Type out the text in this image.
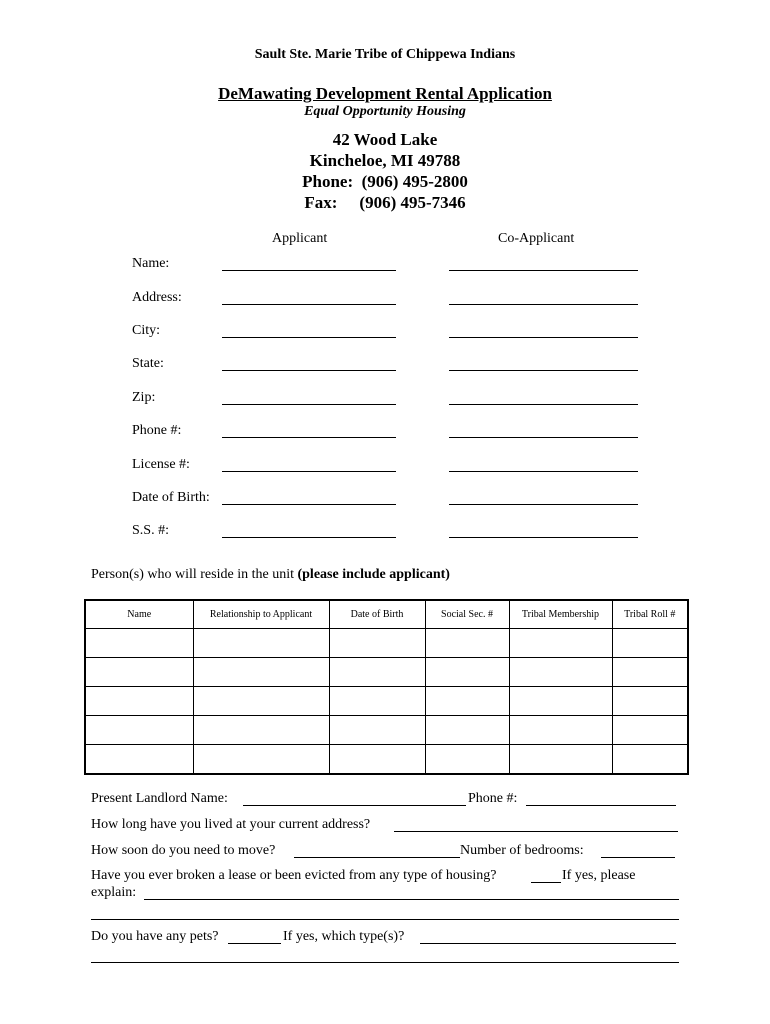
Sault Ste. Marie Tribe of Chippewa Indians
DeMawating Development Rental Application
Equal Opportunity Housing
42 Wood Lake
Kincheloe, MI 49788
Phone: (906) 495-2800
Fax: (906) 495-7346
Applicant	Co-Applicant
Name:
Address:
City:
State:
Zip:
Phone #:
License #:
Date of Birth:
S.S. #:
Person(s) who will reside in the unit (please include applicant)
Name	Relationship to Applicant	Date of Birth	Social Sec. #	Tribal Membership	Tribal Roll #

Present Landlord Name:	Phone #:
How long have you lived at your current address?
How soon do you need to move?	Number of bedrooms:
Have you ever broken a lease or been evicted from any type of housing?	If yes, please
explain:
Do you have any pets?	If yes, which type(s)?
